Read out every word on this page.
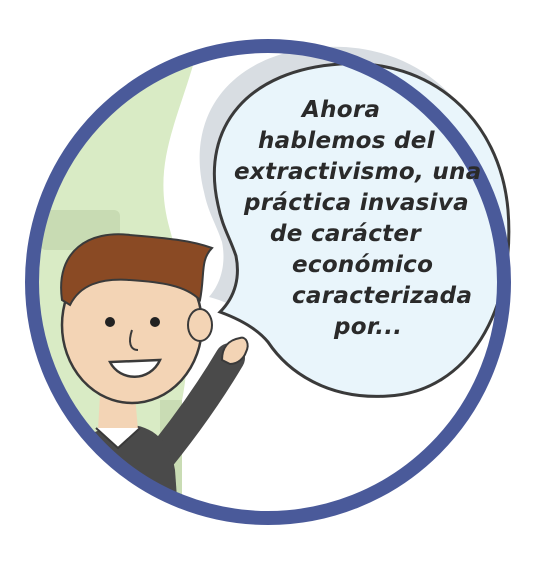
Ahora
hablemos del
extractivismo, una
práctica invasiva
de carácter
económico
caracterizada
por...
